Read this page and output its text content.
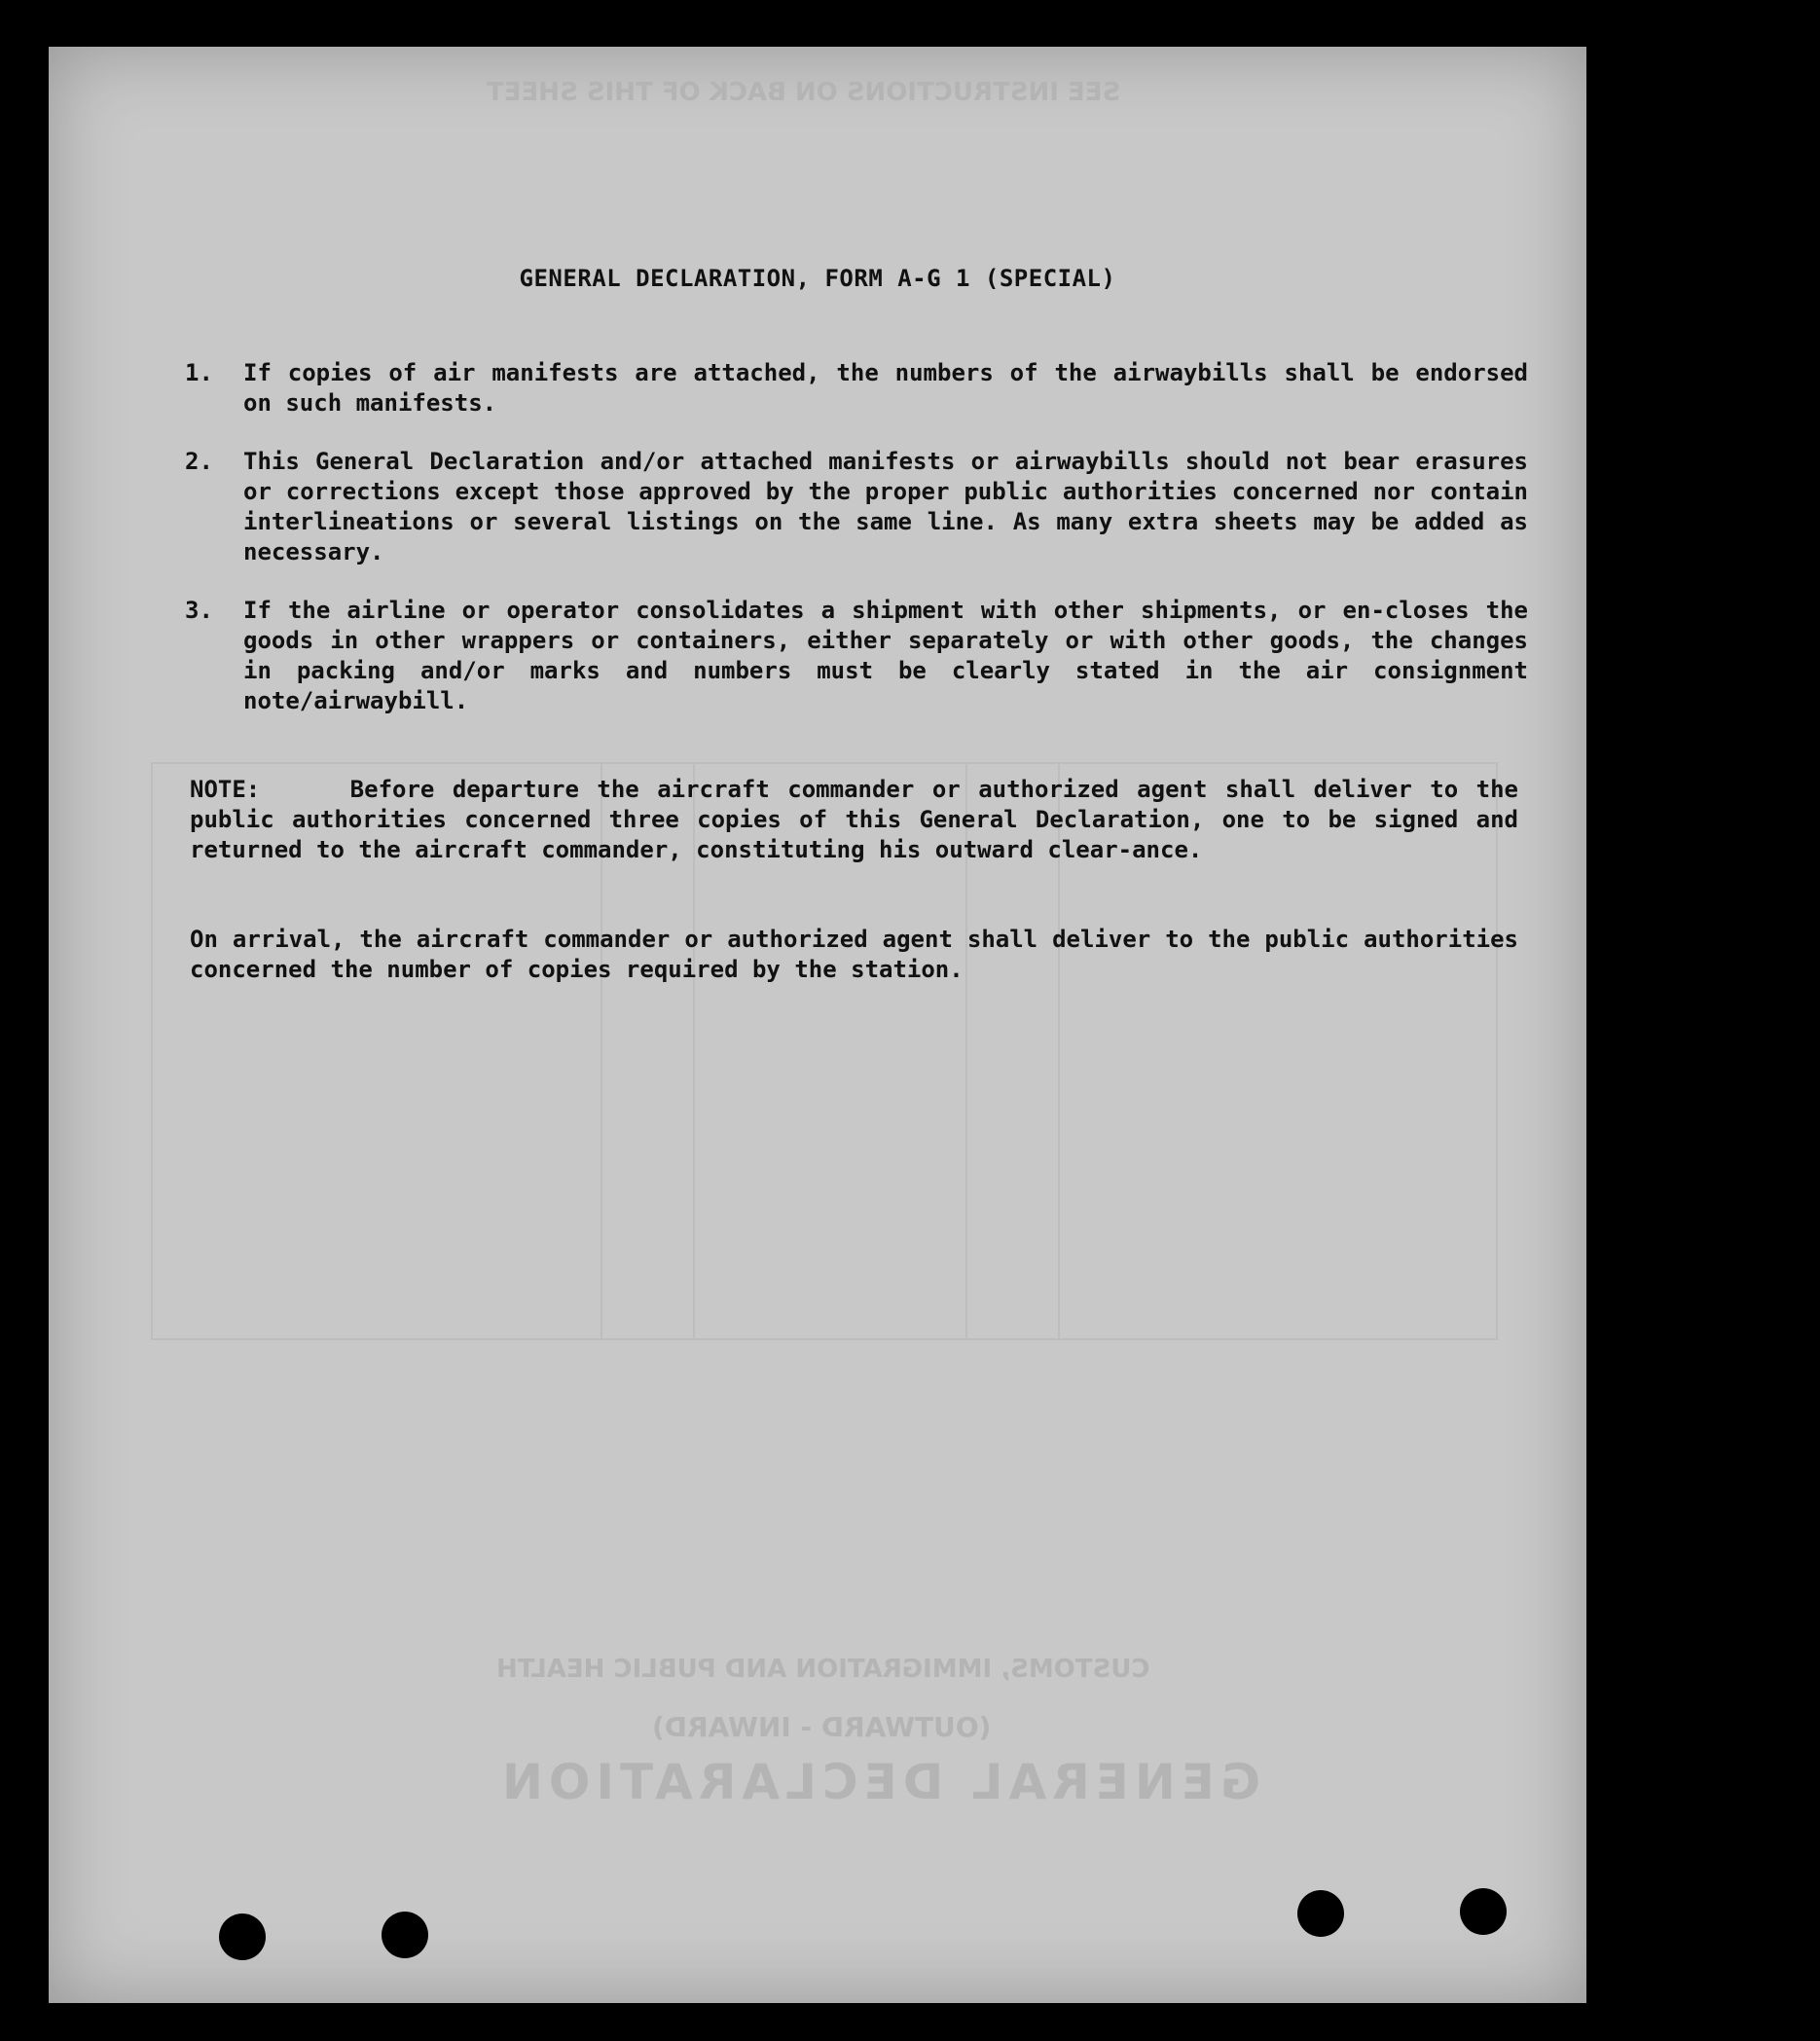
SEE INSTRUCTIONS ON BACK OF THIS SHEET
CUSTOMS, IMMIGRATION AND PUBLIC HEALTH
(OUTWARD - INWARD)
GENERAL DECLARATION
GENERAL DECLARATION, FORM A-G 1 (SPECIAL)
1.	If copies of air manifests are attached, the numbers of the airwaybills shall be endorsed on such manifests.
2.	This General Declaration and/or attached manifests or airwaybills should not bear erasures or corrections except those approved by the proper public authorities concerned nor contain interlineations or several listings on the same line. As many extra sheets may be added as necessary.
3.	If the airline or operator consolidates a shipment with other shipments, or en-closes the goods in other wrappers or containers, either separately or with other goods, the changes in packing and/or marks and numbers must be clearly stated in the air consignment note/airwaybill.
NOTE:     Before departure the aircraft commander or authorized agent shall deliver to the public authorities concerned three copies of this General Declaration, one to be signed and returned to the aircraft commander, constituting his outward clear-ance.
On arrival, the aircraft commander or authorized agent shall deliver to the public authorities concerned the number of copies required by the station.
